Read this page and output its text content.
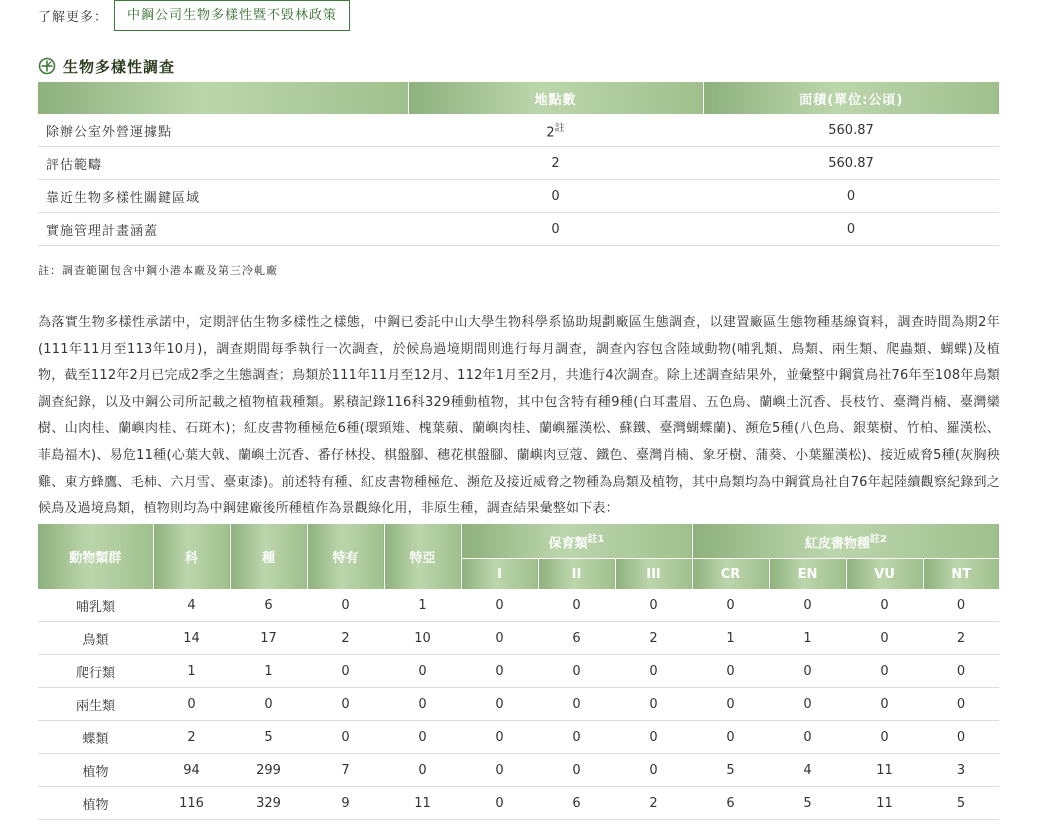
了解更多：	中鋼公司生物多樣性暨不毀林政策
生物多樣性調查
	地點數	面積(單位:公頃)
除辦公室外營運據點	$2^註$	560.87
評估範疇	2	560.87
靠近生物多樣性關鍵區域	0	0
實施管理計畫涵蓋	0	0
註：調查範圍包含中鋼小港本廠及第三冷軋廠

為落實生物多樣性承諾中，定期評估生物多樣性之樣態，中鋼已委託中山大學生物科學系協助規劃廠區生態調查，以建置廠區生態物種基線資料，調查時間為期2年(111年11月至113年10月)，調查期間每季執行一次調查，於候鳥過境期間則進行每月調查，調查內容包含陸域動物(哺乳類、鳥類、兩生類、爬蟲類、蝴蝶)及植物，截至112年2月已完成2季之生態調查；鳥類於111年11月至12月、112年1月至2月，共進行4次調查。除上述調查結果外，並彙整中鋼賞鳥社76年至108年鳥類調查紀錄，以及中鋼公司所記載之植物植栽種類。累積記錄116科329種動植物，其中包含特有種9種(白耳畫眉、五色鳥、蘭嶼土沉香、長枝竹、臺灣肖楠、臺灣欒樹、山肉桂、蘭嶼肉桂、石斑木)；紅皮書物種極危6種(環頸雉、槐葉蘋、蘭嶼肉桂、蘭嶼羅漢松、蘇鐵、臺灣蝴蝶蘭)、瀕危5種(八色鳥、銀葉樹、竹柏、羅漢松、菲島福木)、易危11種(心葉大戟、蘭嶼土沉香、番仔林投、棋盤腳、穗花棋盤腳、蘭嶼肉豆蔻、鐵色、臺灣肖楠、象牙樹、蒲葵、小葉羅漢松)、接近威脅5種(灰胸秧雞、東方蜂鷹、毛柿、六月雪、臺東漆)。前述特有種、紅皮書物種極危、瀕危及接近威脅之物種為鳥類及植物，其中鳥類均為中鋼賞鳥社自76年起陸續觀察紀錄到之候鳥及過境鳥類，植物則均為中鋼建廠後所種植作為景觀綠化用，非原生種，調查結果彙整如下表：

動物類群	科	種	特有	特亞	保育類$^{註1}$			紅皮書物種$^{註2}$
					I	II	III	CR	EN	VU	NT
哺乳類	4	6	0	1	0	0	0	0	0	0	0
鳥類	14	17	2	10	0	6	2	1	1	0	2
爬行類	1	1	0	0	0	0	0	0	0	0	0
兩生類	0	0	0	0	0	0	0	0	0	0	0
蝶類	2	5	0	0	0	0	0	0	0	0	0
植物	94	299	7	0	0	0	0	5	4	11	3
植物	116	329	9	11	0	6	2	6	5	11	5
